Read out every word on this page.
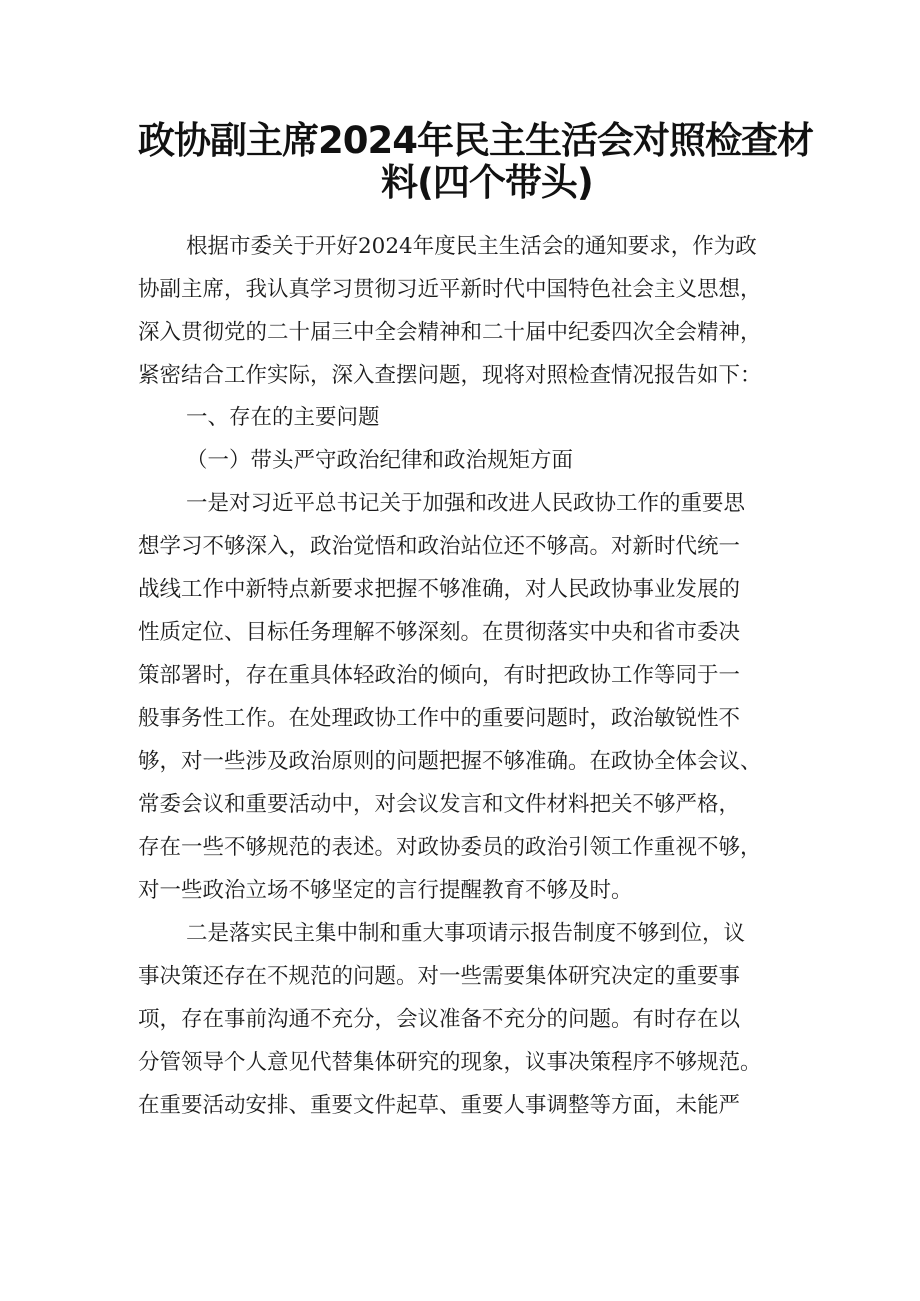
政协副主席2024年民主生活会对照检查材
料(四个带头)
根据市委关于开好2024年度民主生活会的通知要求，作为政
协副主席，我认真学习贯彻习近平新时代中国特色社会主义思想，
深入贯彻党的二十届三中全会精神和二十届中纪委四次全会精神，
紧密结合工作实际，深入查摆问题，现将对照检查情况报告如下：
一、存在的主要问题
（一）带头严守政治纪律和政治规矩方面
一是对习近平总书记关于加强和改进人民政协工作的重要思
想学习不够深入，政治觉悟和政治站位还不够高。对新时代统一
战线工作中新特点新要求把握不够准确，对人民政协事业发展的
性质定位、目标任务理解不够深刻。在贯彻落实中央和省市委决
策部署时，存在重具体轻政治的倾向，有时把政协工作等同于一
般事务性工作。在处理政协工作中的重要问题时，政治敏锐性不
够，对一些涉及政治原则的问题把握不够准确。在政协全体会议、
常委会议和重要活动中，对会议发言和文件材料把关不够严格，
存在一些不够规范的表述。对政协委员的政治引领工作重视不够，
对一些政治立场不够坚定的言行提醒教育不够及时。
二是落实民主集中制和重大事项请示报告制度不够到位，议
事决策还存在不规范的问题。对一些需要集体研究决定的重要事
项，存在事前沟通不充分，会议准备不充分的问题。有时存在以
分管领导个人意见代替集体研究的现象，议事决策程序不够规范。
在重要活动安排、重要文件起草、重要人事调整等方面，未能严
